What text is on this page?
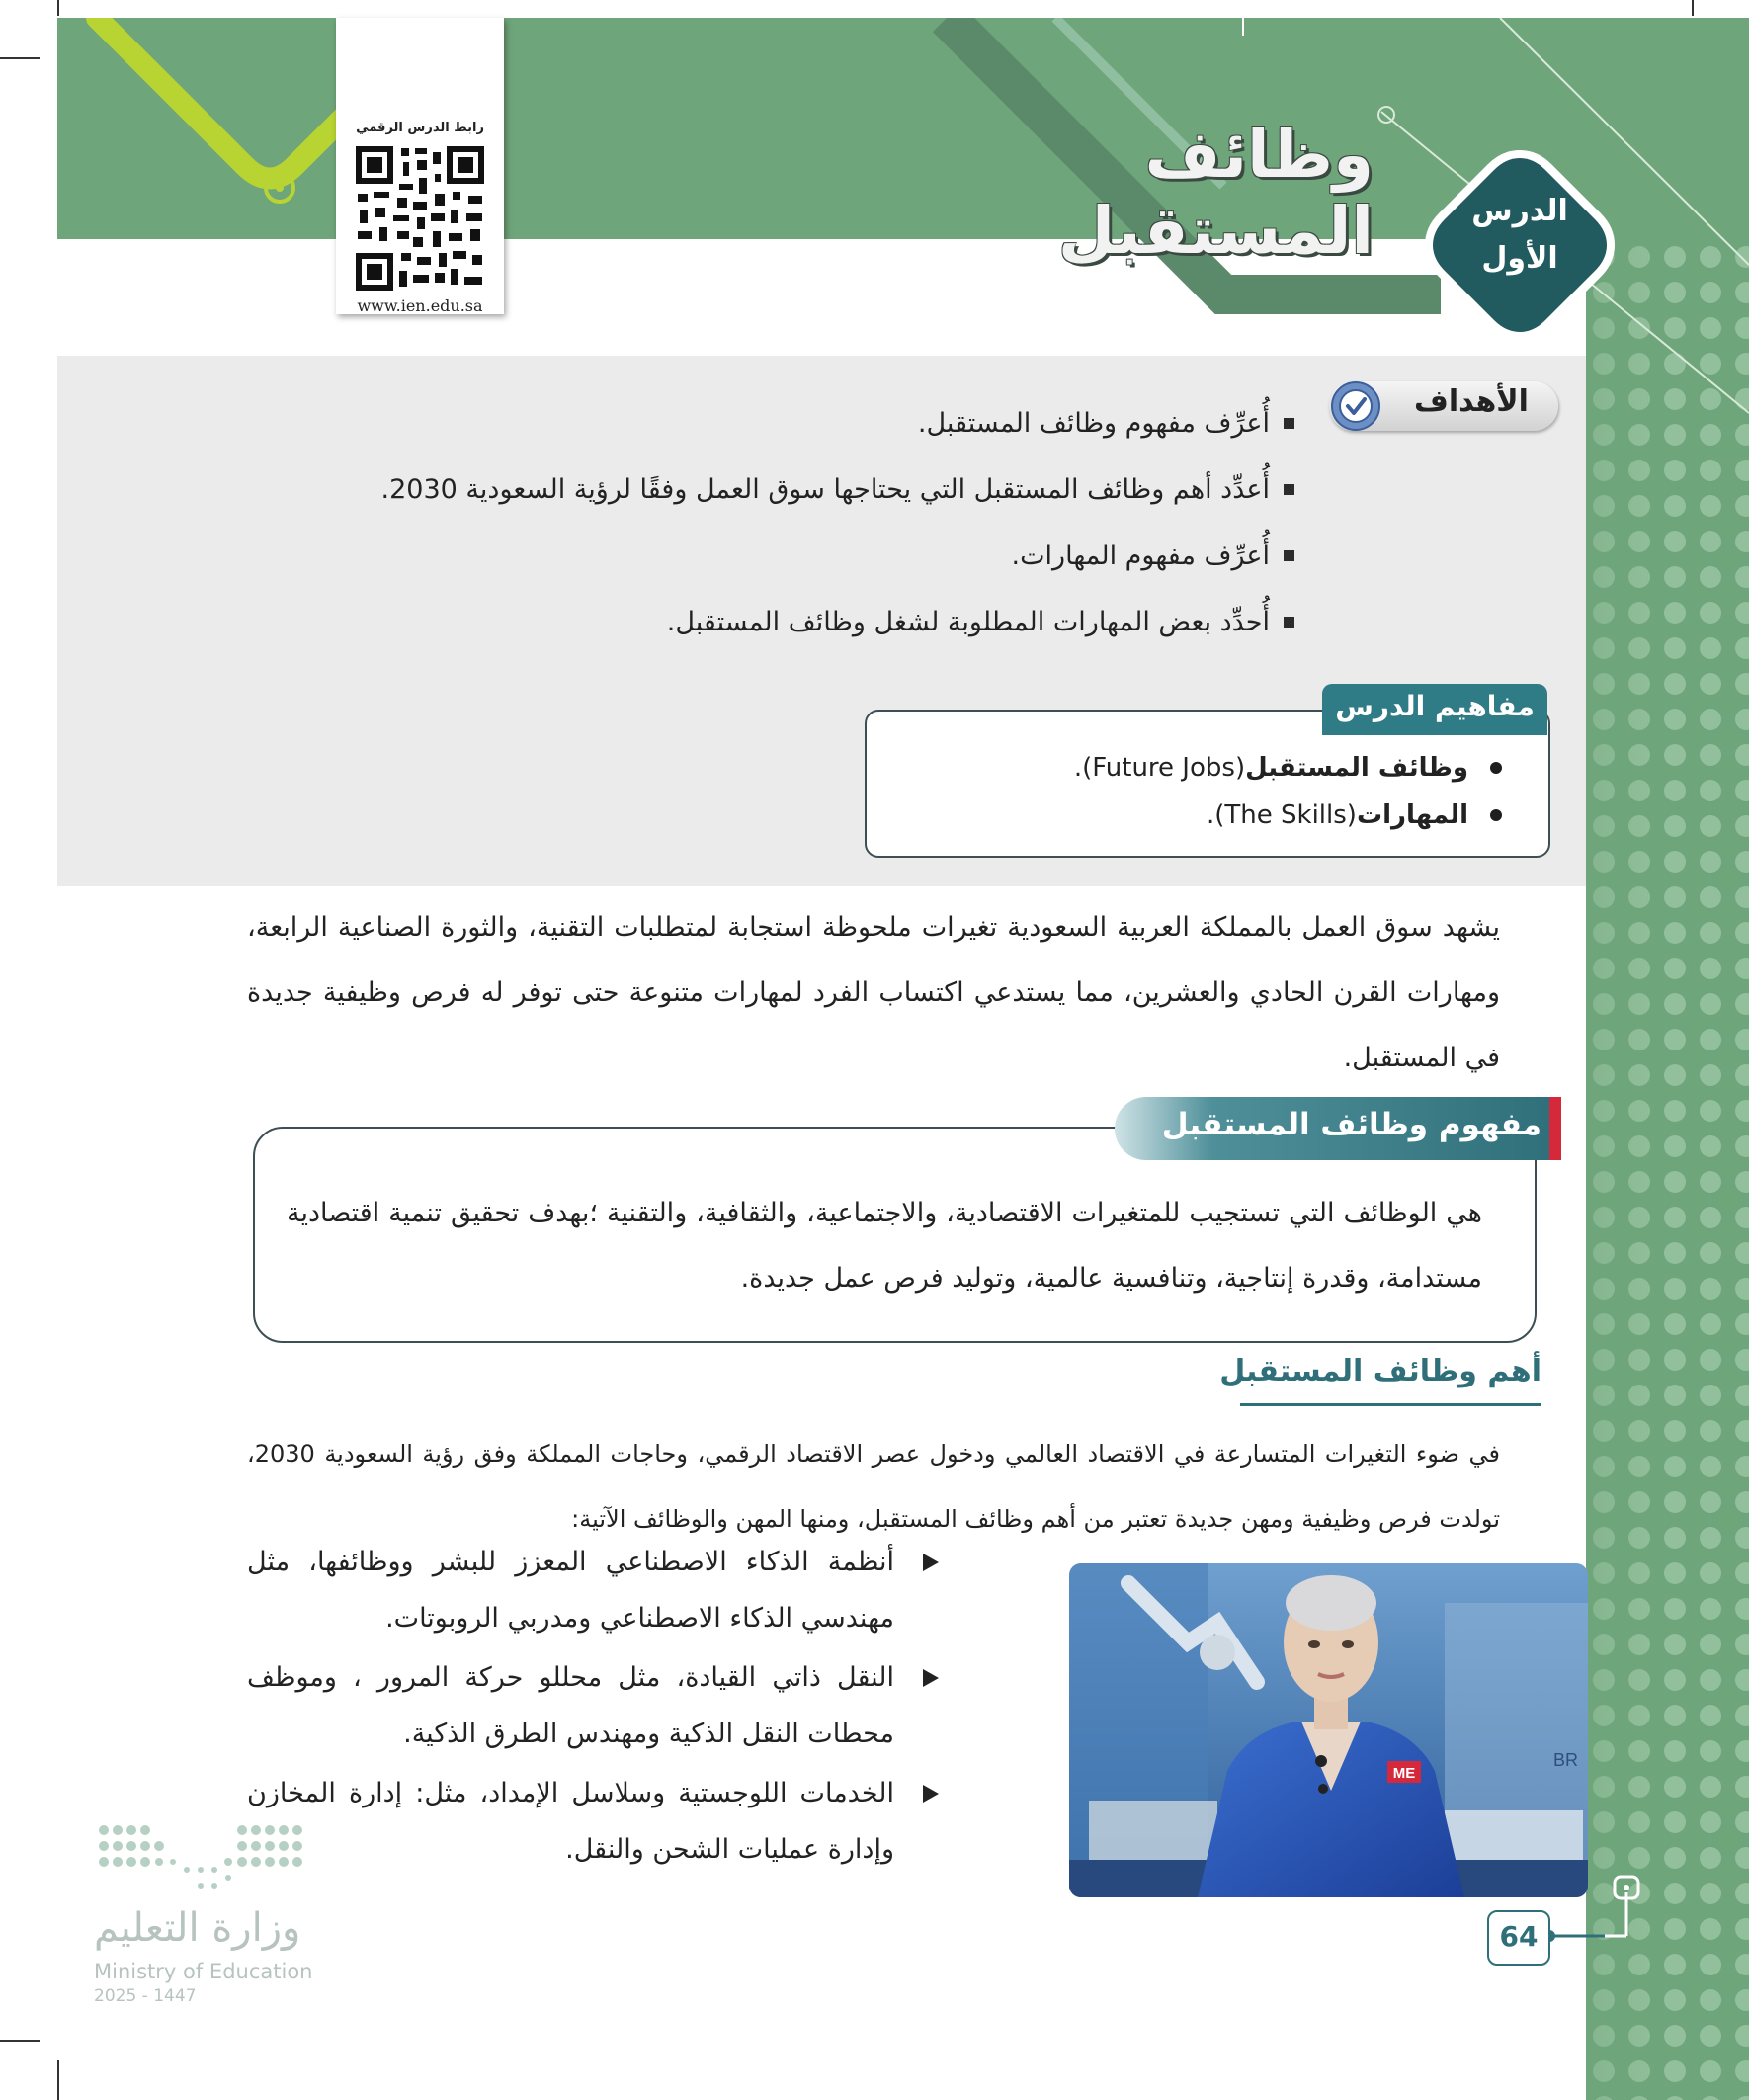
رابط الدرس الرقمي
www.ien.edu.sa
وظائف المستقبل	الدرس
الأول
الأهداف
أُعرِّف مفهوم وظائف المستقبل.
أُعدِّد أهم وظائف المستقبل التي يحتاجها سوق العمل وفقًا لرؤية السعودية 2030.
أُعرِّف مفهوم المهارات.
أُحدِّد بعض المهارات المطلوبة لشغل وظائف المستقبل.
مفاهيم الدرس
وظائف المستقبل
(Future Jobs).
المهارات
(The Skills).
يشهد سوق العمل بالمملكة العربية السعودية تغيرات ملحوظة استجابة لمتطلبات التقنية، والثورة الصناعية الرابعة، ومهارات القرن الحادي والعشرين، مما يستدعي اكتساب الفرد لمهارات متنوعة حتى توفر له فرص وظيفية جديدة في المستقبل.
مفهوم وظائف المستقبل
هي الوظائف التي تستجيب للمتغيرات الاقتصادية، والاجتماعية، والثقافية، والتقنية ؛بهدف تحقيق تنمية اقتصادية مستدامة، وقدرة إنتاجية، وتنافسية عالمية، وتوليد فرص عمل جديدة.
أهم وظائف المستقبل
في ضوء التغيرات المتسارعة في الاقتصاد العالمي ودخول عصر الاقتصاد الرقمي، وحاجات المملكة وفق رؤية السعودية 2030، تولدت فرص وظيفية ومهن جديدة تعتبر من أهم وظائف المستقبل، ومنها المهن والوظائف الآتية:
أنظمة الذكاء الاصطناعي المعزز للبشر ووظائفها، مثل مهندسي الذكاء الاصطناعي ومدربي الروبوتات.
النقل ذاتي القيادة، مثل محللو حركة المرور ، وموظف محطات النقل الذكية ومهندس الطرق الذكية.
الخدمات اللوجستية وسلاسل الإمداد، مثل: إدارة المخازن وإدارة عمليات الشحن والنقل.
ME
BR
64
وزارة التعليم
Ministry of Education
2025 - 1447
